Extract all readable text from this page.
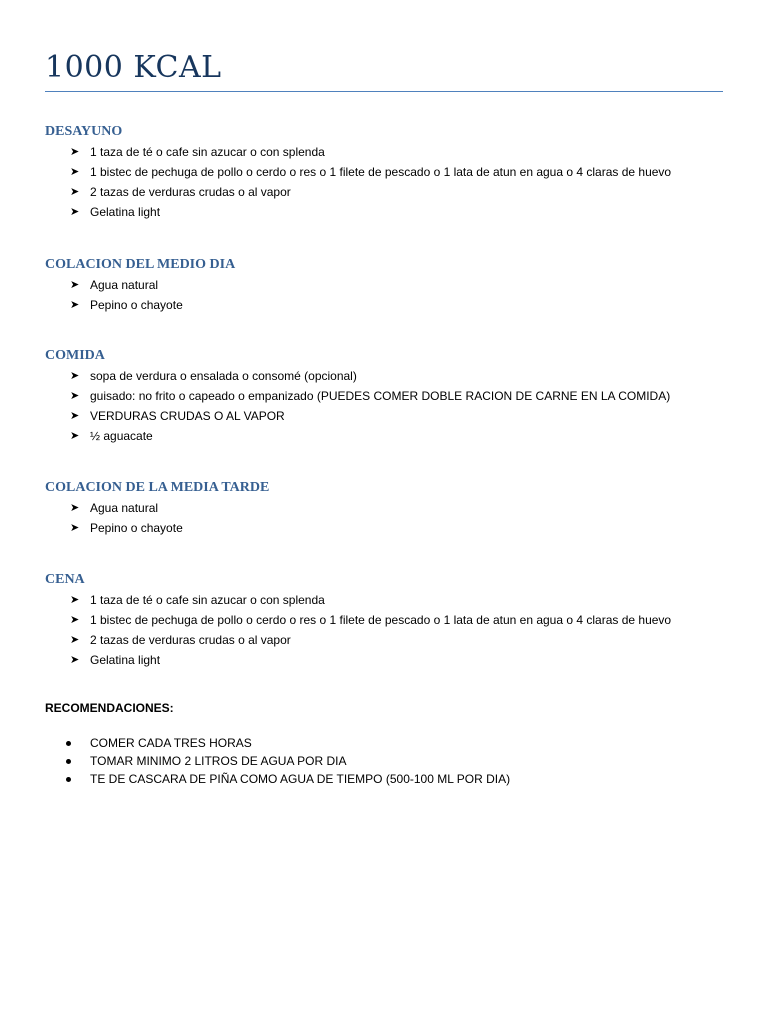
1000 KCAL
DESAYUNO
➤ 1 taza de té o cafe sin azucar o con splenda
➤ 1 bistec de pechuga de pollo o cerdo o res o 1 filete de pescado o 1 lata de atun en agua o 4 claras de huevo
➤ 2 tazas de verduras crudas o al vapor
➤ Gelatina light
COLACION DEL MEDIO DIA
➤ Agua natural
➤ Pepino o chayote
COMIDA
➤ sopa de verdura o ensalada o consomé (opcional)
➤ guisado: no frito o capeado o empanizado (PUEDES COMER DOBLE RACION DE CARNE EN LA COMIDA)
➤ VERDURAS CRUDAS O AL VAPOR
➤ ½ aguacate
COLACION DE LA MEDIA TARDE
➤ Agua natural
➤ Pepino o chayote
CENA
➤ 1 taza de té o cafe sin azucar o con splenda
➤ 1 bistec de pechuga de pollo o cerdo o res o 1 filete de pescado o 1 lata de atun en agua o 4 claras de huevo
➤ 2 tazas de verduras crudas o al vapor
➤ Gelatina light
RECOMENDACIONES:
COMER CADA TRES HORAS
TOMAR MINIMO 2 LITROS DE AGUA POR DIA
TE DE CASCARA DE PIÑA COMO AGUA DE TIEMPO (500-100 ML POR DIA)
